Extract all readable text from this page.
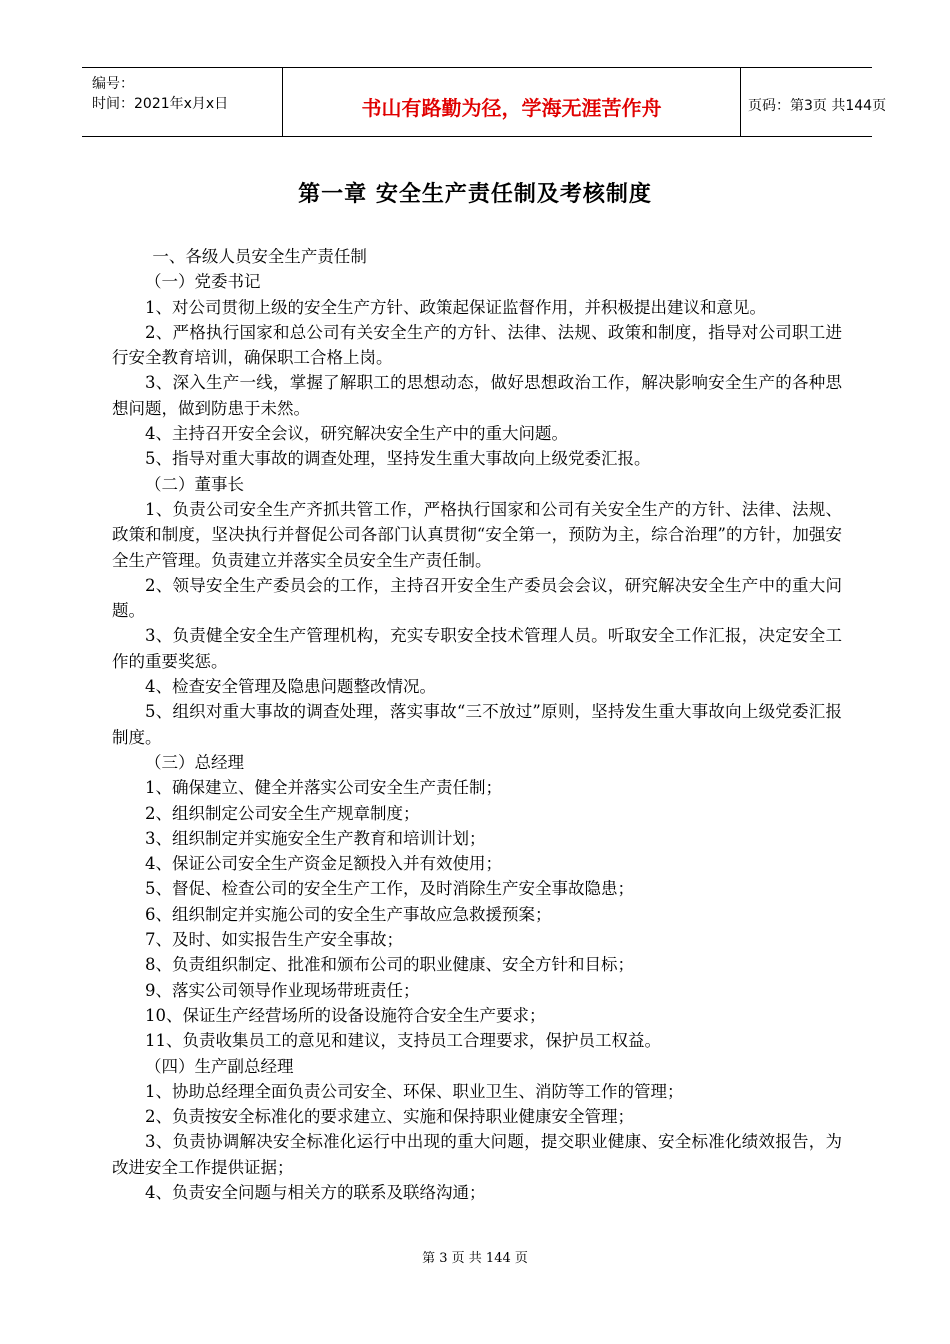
编号：
时间：2021年x月x日	书山有路勤为径，学海无涯苦作舟	页码：第3页 共144页
第一章 安全生产责任制及考核制度

一、各级人员安全生产责任制

（一）党委书记

1、对公司贯彻上级的安全生产方针、政策起保证监督作用，并积极提出建议和意见。

2、严格执行国家和总公司有关安全生产的方针、法律、法规、政策和制度，指导对公司职工进行安全教育培训，确保职工合格上岗。

3、深入生产一线，掌握了解职工的思想动态，做好思想政治工作，解决影响安全生产的各种思想问题，做到防患于未然。

4、主持召开安全会议，研究解决安全生产中的重大问题。

5、指导对重大事故的调查处理，坚持发生重大事故向上级党委汇报。

（二）董事长

1、负责公司安全生产齐抓共管工作，严格执行国家和公司有关安全生产的方针、法律、法规、政策和制度，坚决执行并督促公司各部门认真贯彻“安全第一，预防为主，综合治理”的方针，加强安全生产管理。负责建立并落实全员安全生产责任制。

2、领导安全生产委员会的工作，主持召开安全生产委员会会议，研究解决安全生产中的重大问题。

3、负责健全安全生产管理机构，充实专职安全技术管理人员。听取安全工作汇报，决定安全工作的重要奖惩。

4、检查安全管理及隐患问题整改情况。

5、组织对重大事故的调查处理，落实事故“三不放过”原则，坚持发生重大事故向上级党委汇报制度。

（三）总经理

1、确保建立、健全并落实公司安全生产责任制；

2、组织制定公司安全生产规章制度；

3、组织制定并实施安全生产教育和培训计划；

4、保证公司安全生产资金足额投入并有效使用；

5、督促、检查公司的安全生产工作，及时消除生产安全事故隐患；

6、组织制定并实施公司的安全生产事故应急救援预案；

7、及时、如实报告生产安全事故；

8、负责组织制定、批准和颁布公司的职业健康、安全方针和目标；

9、落实公司领导作业现场带班责任；

10、保证生产经营场所的设备设施符合安全生产要求；

11、负责收集员工的意见和建议，支持员工合理要求，保护员工权益。

（四）生产副总经理

1、协助总经理全面负责公司安全、环保、职业卫生、消防等工作的管理；

2、负责按安全标准化的要求建立、实施和保持职业健康安全管理；

3、负责协调解决安全标准化运行中出现的重大问题，提交职业健康、安全标准化绩效报告，为改进安全工作提供证据；

4、负责安全问题与相关方的联系及联络沟通；

第 3 页 共 144 页
